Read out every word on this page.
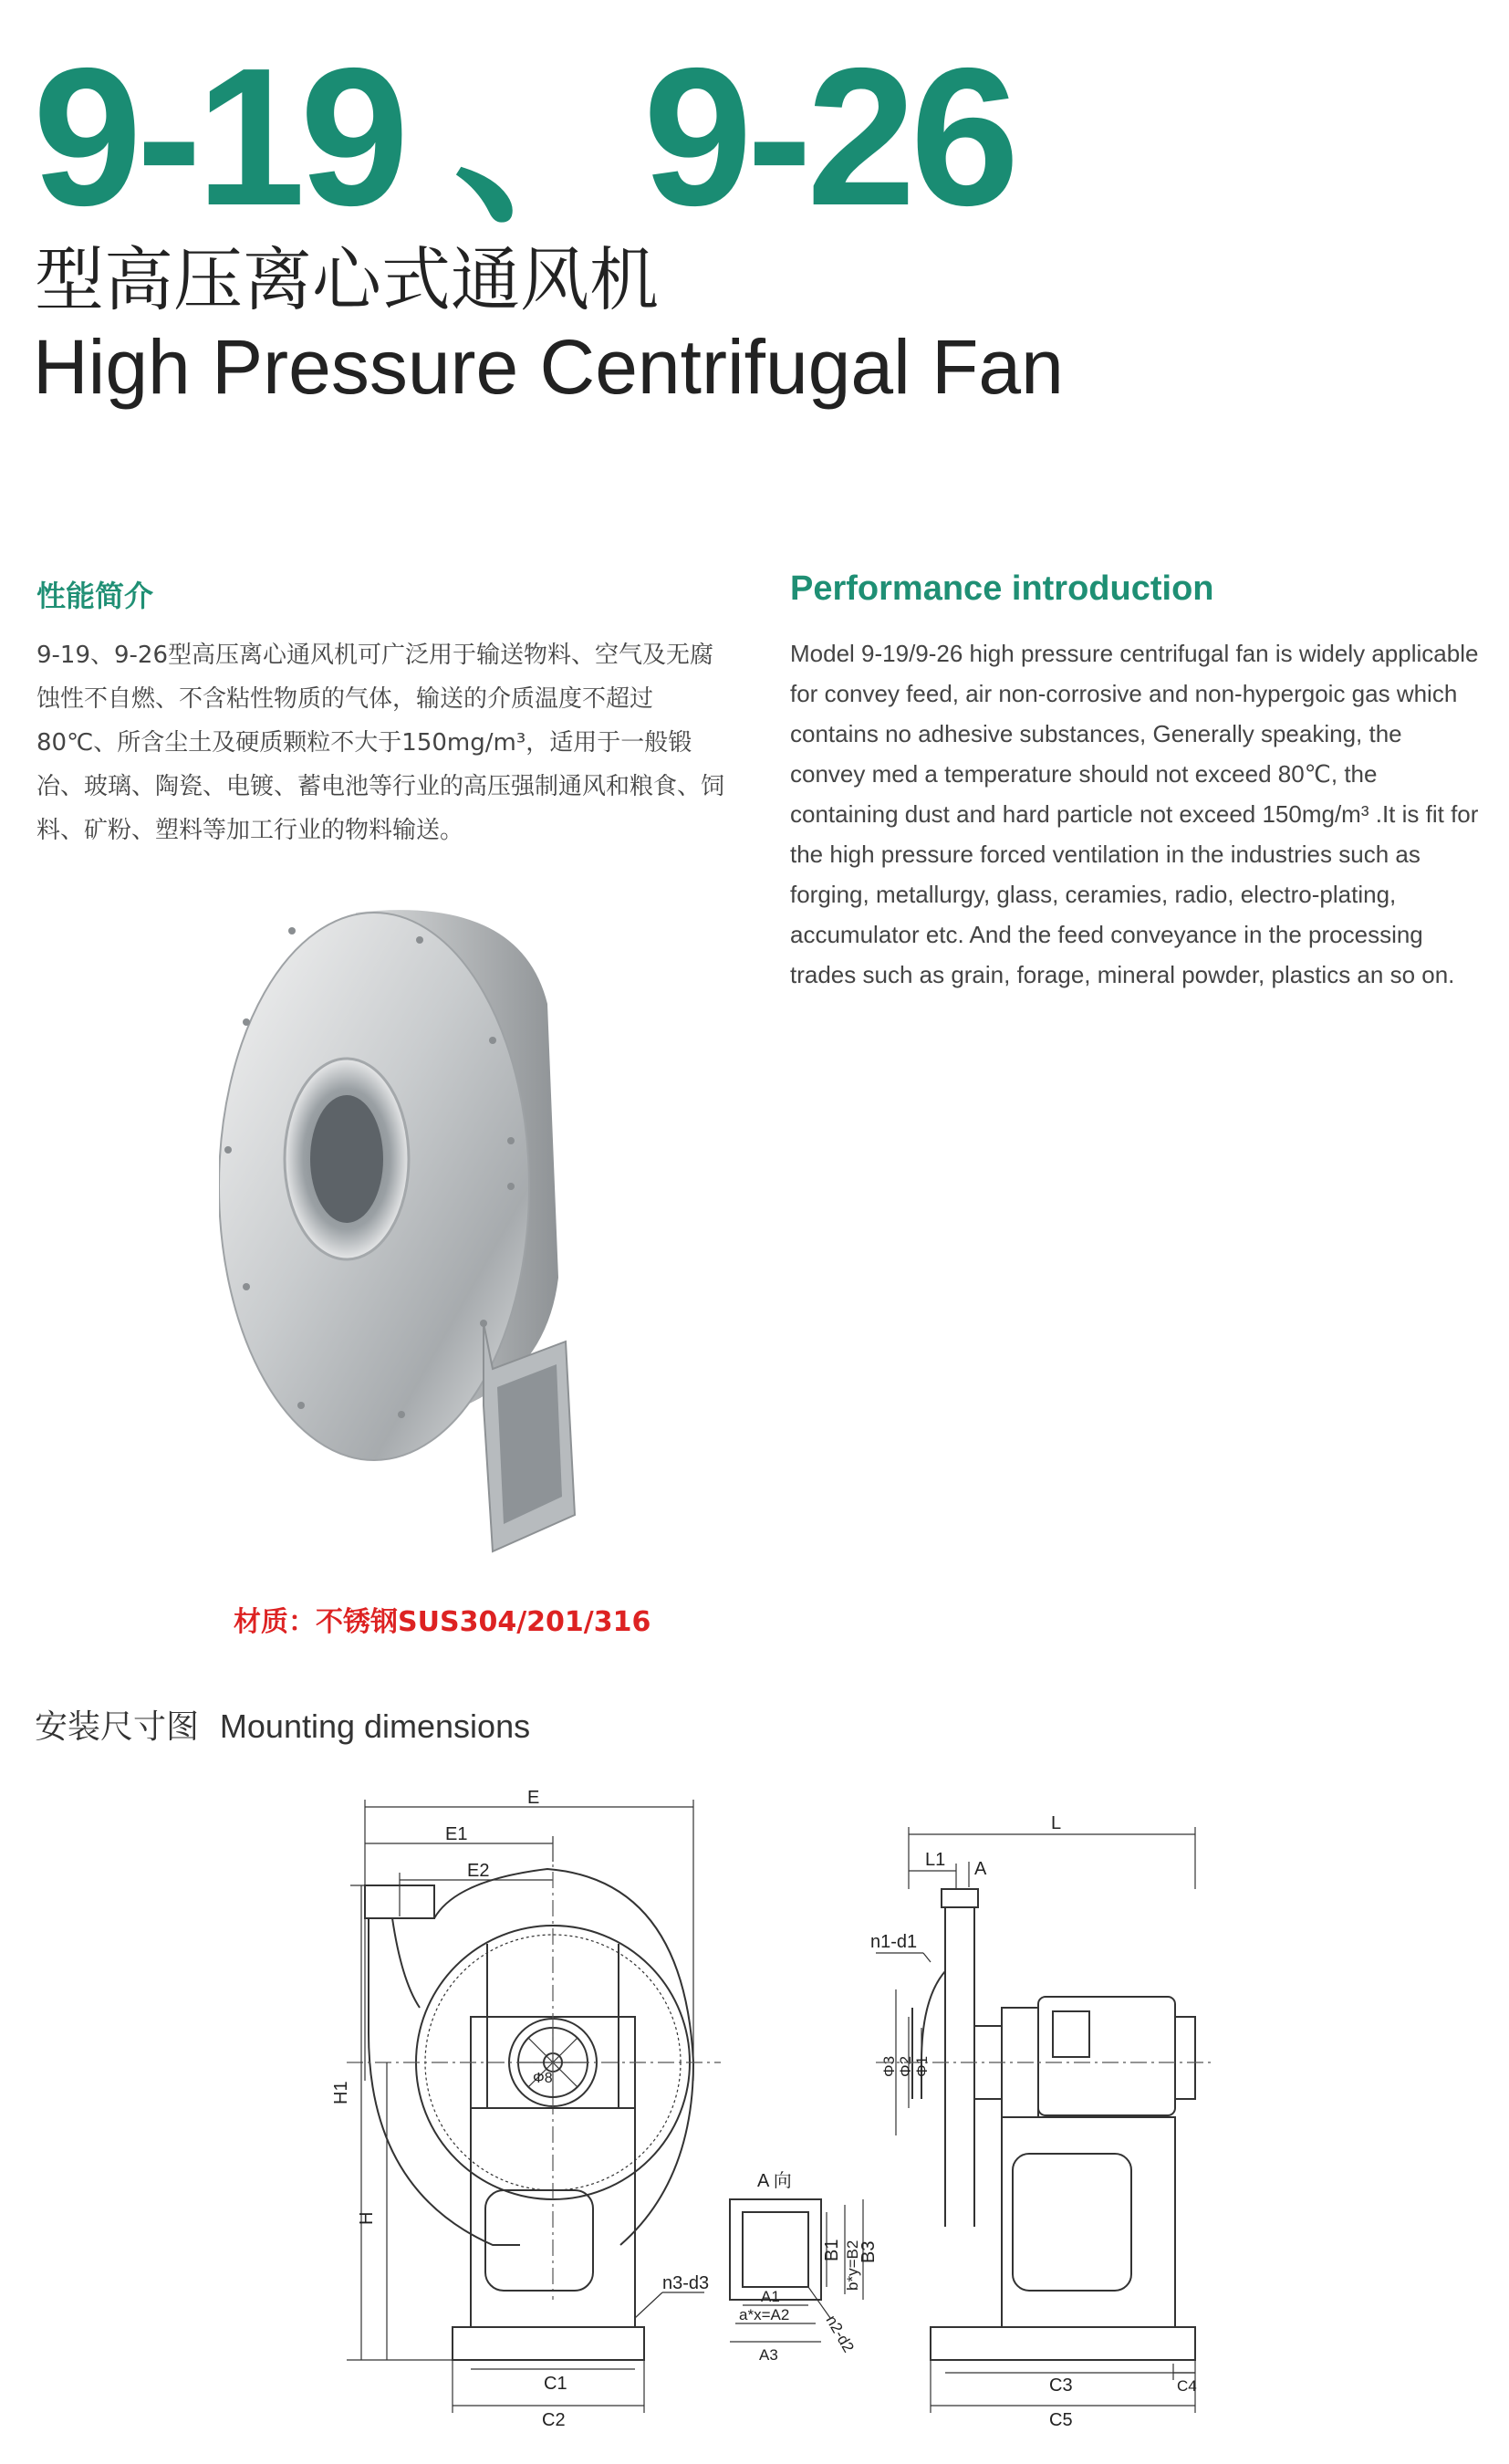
9-19 、9-26
型高压离心式通风机
High Pressure Centrifugal Fan
性能简介
9-19、9-26型高压离心通风机可广泛用于输送物料、空气及无腐蚀性不自燃、不含粘性物质的气体，输送的介质温度不超过80℃、所含尘土及硬质颗粒不大于150mg/m³，适用于一般锻冶、玻璃、陶瓷、电镀、蓄电池等行业的高压强制通风和粮食、饲料、矿粉、塑料等加工行业的物料输送。
Performance introduction
Model 9-19/9-26 high pressure centrifugal fan is widely applicable for convey feed, air non-corrosive and non-hypergoic gas which contains no adhesive substances, Generally speaking, the convey med a temperature should not exceed 80℃, the containing dust and hard particle not exceed 150mg/m³ .It is fit for the high pressure forced ventilation in the industries such as forging, metallurgy, glass, ceramies, radio, electro-plating, accumulator etc. And the feed conveyance in the processing trades such as grain, forage, mineral powder, plastics an so on.
材质：不锈钢SUS304/201/316
安装尺寸图 Mounting dimensions
E
E1
E2
Φ8
H1
H
C1
C2
n3-d3
A 向
B1 b*y=B2
B3
A1
a*x=A2
A3	n2-d2
L
L1 A
n1-d1
Φ3 Φ2 Φ1
C3	C4
C5
